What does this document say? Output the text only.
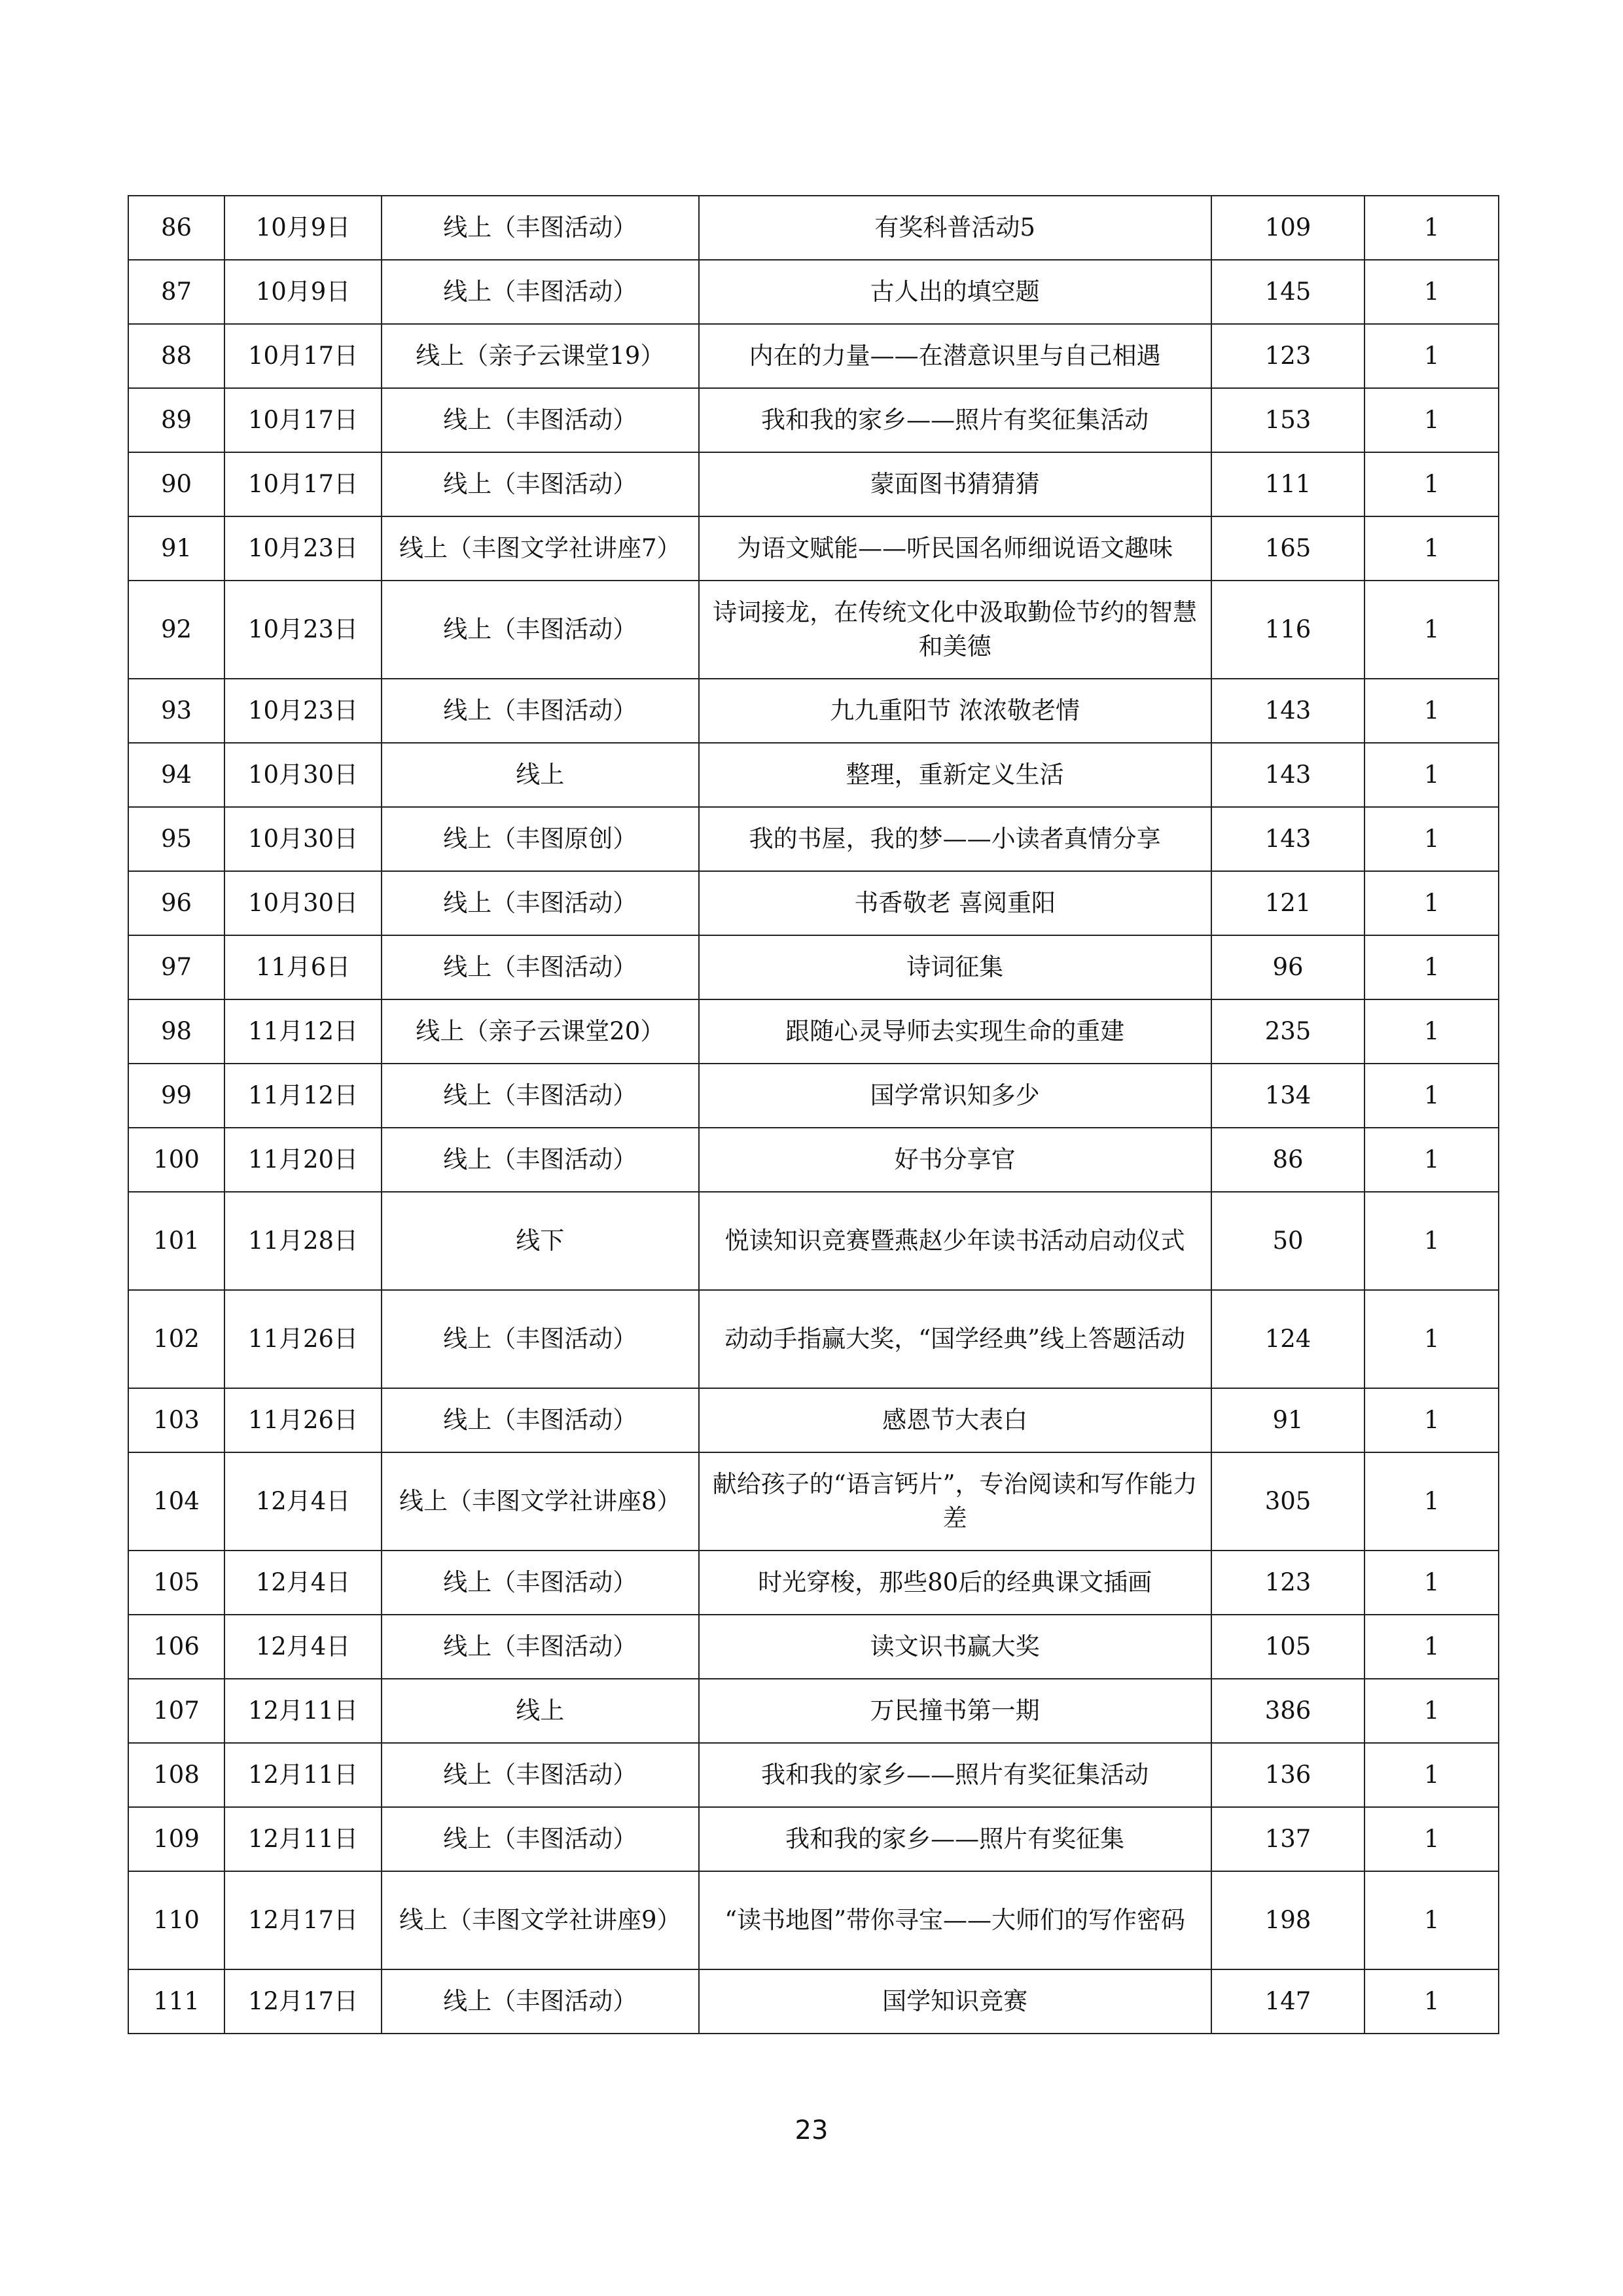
86	10月9日	线上（丰图活动）	有奖科普活动5	109	1
87	10月9日	线上（丰图活动）	古人出的填空题	145	1
88	10月17日	线上（亲子云课堂19）	内在的力量——在潜意识里与自己相遇	123	1
89	10月17日	线上（丰图活动）	我和我的家乡——照片有奖征集活动	153	1
90	10月17日	线上（丰图活动）	蒙面图书猜猜猜	111	1
91	10月23日	线上（丰图文学社讲座7）	为语文赋能——听民国名师细说语文趣味	165	1
92	10月23日	线上（丰图活动）	诗词接龙，在传统文化中汲取勤俭节约的智慧和美德	116	1
93	10月23日	线上（丰图活动）	九九重阳节 浓浓敬老情	143	1
94	10月30日	线上	整理，重新定义生活	143	1
95	10月30日	线上（丰图原创）	我的书屋，我的梦——小读者真情分享	143	1
96	10月30日	线上（丰图活动）	书香敬老 喜阅重阳	121	1
97	11月6日	线上（丰图活动）	诗词征集	96	1
98	11月12日	线上（亲子云课堂20）	跟随心灵导师去实现生命的重建	235	1
99	11月12日	线上（丰图活动）	国学常识知多少	134	1
100	11月20日	线上（丰图活动）	好书分享官	86	1
101	11月28日	线下	悦读知识竞赛暨燕赵少年读书活动启动仪式	50	1
102	11月26日	线上（丰图活动）	动动手指赢大奖，“国学经典”线上答题活动	124	1
103	11月26日	线上（丰图活动）	感恩节大表白	91	1
104	12月4日	线上（丰图文学社讲座8）	献给孩子的“语言钙片”，专治阅读和写作能力差	305	1
105	12月4日	线上（丰图活动）	时光穿梭，那些80后的经典课文插画	123	1
106	12月4日	线上（丰图活动）	读文识书赢大奖	105	1
107	12月11日	线上	万民撞书第一期	386	1
108	12月11日	线上（丰图活动）	我和我的家乡——照片有奖征集活动	136	1
109	12月11日	线上（丰图活动）	我和我的家乡——照片有奖征集	137	1
110	12月17日	线上（丰图文学社讲座9）	“读书地图”带你寻宝——大师们的写作密码	198	1
111	12月17日	线上（丰图活动）	国学知识竞赛	147	1
23
